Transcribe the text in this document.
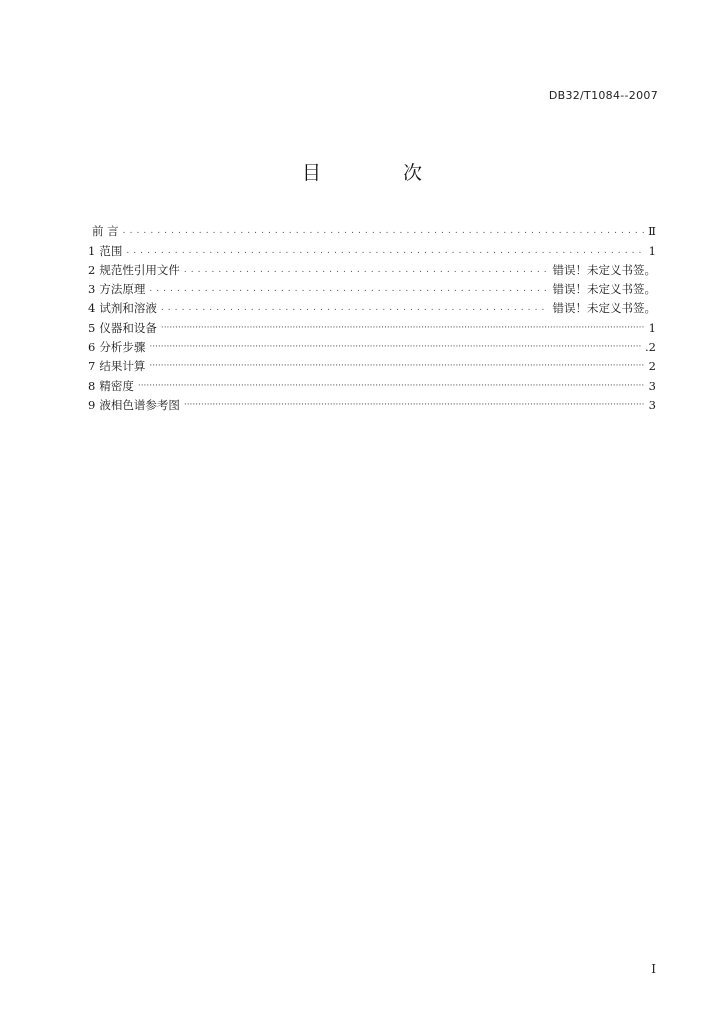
DB32/T1084--2007
目 次
前 言 . . .	Ⅱ
1 范围 . . .	1
2 规范性引用文件 . . .	错误！未定义书签。
3 方法原理 . . .	错误！未定义书签。
4 试剂和溶液 . . .	错误！未定义书签。
5 仪器和设备 ·····	1
6 分析步骤 ·····	.2
7 结果计算 ·····	2
8 精密度 ·····	3
9 液相色谱参考图 ·····	3
I
